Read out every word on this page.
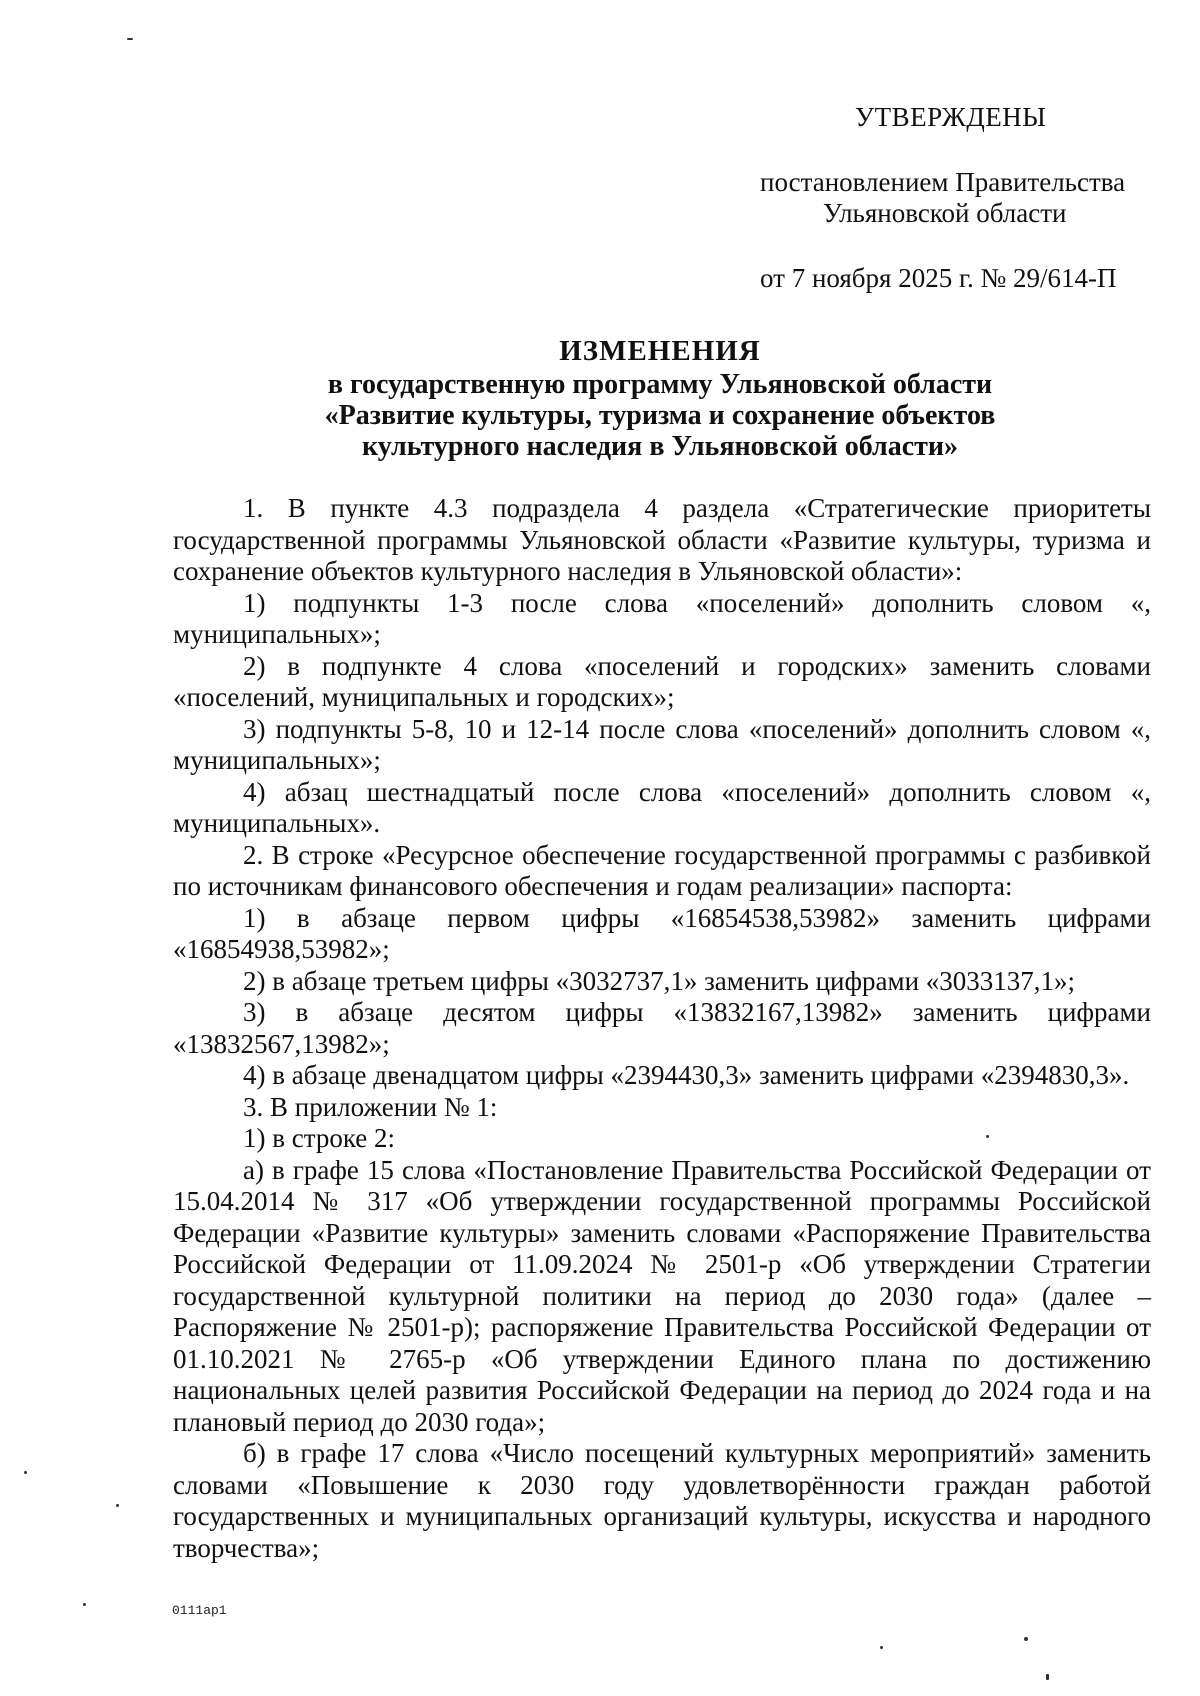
УТВЕРЖДЕНЫ
постановлением Правительства
Ульяновской области
от 7 ноября 2025 г. № 29/614-П
ИЗМЕНЕНИЯ
в государственную программу Ульяновской области
«Развитие культуры, туризма и сохранение объектов
культурного наследия в Ульяновской области»

1. В пункте 4.3 подраздела 4 раздела «Стратегические приоритеты государственной программы Ульяновской области «Развитие культуры, туризма и сохранение объектов культурного наследия в Ульяновской области»:

1) подпункты 1-3 после слова «поселений» дополнить словом «, муниципальных»;

2) в подпункте 4 слова «поселений и городских» заменить словами «поселений, муниципальных и городских»;

3) подпункты 5-8, 10 и 12-14 после слова «поселений» дополнить словом «, муниципальных»;

4) абзац шестнадцатый после слова «поселений» дополнить словом «, муниципальных».

2. В строке «Ресурсное обеспечение государственной программы с разбивкой по источникам финансового обеспечения и годам реализации» паспорта:

1) в абзаце первом цифры «16854538,53982» заменить цифрами «16854938,53982»;

2) в абзаце третьем цифры «3032737,1» заменить цифрами «3033137,1»;

3) в абзаце десятом цифры «13832167,13982» заменить цифрами «13832567,13982»;

4) в абзаце двенадцатом цифры «2394430,3» заменить цифрами «2394830,3».

3. В приложении № 1:

1) в строке 2:

а) в графе 15 слова «Постановление Правительства Российской Федерации от 15.04.2014 № 317 «Об утверждении государственной программы Российской Федерации «Развитие культуры» заменить словами «Распоряжение Правительства Российской Федерации от 11.09.2024 № 2501-р «Об утверждении Стратегии государственной культурной политики на период до 2030 года» (далее – Распоряжение № 2501-р); распоряжение Правительства Российской Федерации от 01.10.2021 № 2765-р «Об утверждении Единого плана по достижению национальных целей развития Российской Федерации на период до 2024 года и на плановый период до 2030 года»;

б) в графе 17 слова «Число посещений культурных мероприятий» заменить словами «Повышение к 2030 году удовлетворённости граждан работой государственных и муниципальных организаций культуры, искусства и народного творчества»;

0111ap1
